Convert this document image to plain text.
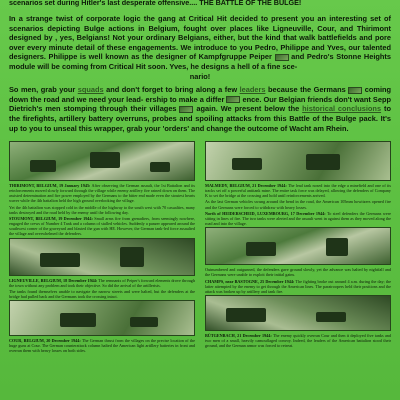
scenarios set during Hitler's last desperate offensive.... THE BATTLE OF THE BULGE!
In a strange twist of corporate logic the gang at Critical Hit decided to present you an interesting set of scenarios depicting Bulge actions in Belgium, fought over places like Ligneuville, Cour, and Thirimont designed by , yes, Belgians! Not your ordinary Belgians, either, but the kind that walk battlefields and pore over every minute detail of these engagements. We introduce to you Pedro, Philippe and Yves, our talented designers. Philippe is well known as the designer of Kampfgruppe Peiper	and Pedro's Stonne Heights module will be coming from Critical Hit soon. Yves, he designs a hell of a fine sce-
nario!
So men, grab your squads and don't forget to bring along a few leaders because the Germans	coming down the road and we need your lead- ership to make a differ ence. Our Belgian friends don't want Sepp Dietrich's men stomping through their villages	again. We present below the historical conclusions to the firefights, artillery battery overruns, probes and spoiling attacks from this Battle of the Bulge pack. It's up to you to unseal this wrapper, grab your 'orders' and change the outcome of Wacht am Rhein.

THIRIMONT, BELGIUM, 19 January 1945: After observing the German assault, the 1st Battalion and its reinforcements moved slowly forward through the village while enemy artillery fire rained down on them. The assisted determination and fire power employed by the Germans to the bitter end made even the stoutest hearts waver while the 4th battalion held the high ground overlooking the village.

Yet the 4th battalion was stopped cold in the middle of the highway to the south west with 70 casualties, many tanks destroyed and the road held by the enemy until the following day.

STOUMONT, BELGIUM, 19 December 1944: Small arms fire from grenadiers, from seemingly nowhere, engaged the crews of Number 4 Tank and a column of stalled vehicles. Suddenly a panzer appeared around the southwest corner of the graveyard and blasted the gun with HE. However, the German tank-led force assaulted the village and overwhelmed the defenders.

LIGNEUVILLE, BELGIUM, 18 December 1944: The remnants of Peiper's forward elements drove through the town without any problem and took their objective. So did the arrival of the artillerists.

The tanks found themselves unable to navigate the narrow streets and were halted, but the defenders at the bridge had pulled back and the Germans took the crossing intact.

COUR, BELGIUM, 20 December 1944: The German thrust from the villages on the precise location of the huge guns at Cour. The German counterattack column halted the American light artillery batteries in front and overran them with heavy losses on both sides.

MALMEDY, BELGIUM, 21 December 1944: The lead tank nosed into the edge a minefield and one of its tracks set off a powerful antitank mine. The entire task force was delayed, allowing the defenders of Company K to set the bridge at the crossing and hold until reinforcements arrived.

As the last German vehicles swung around the bend in the road, the American 105mm howitzers opened fire and the Germans were forced to withdraw with heavy losses.

North of HEIDERSCHEID, LUXEMBOURG, 17 December 1944: To steel defenders the Germans were sitting in lines of fire. The two tanks were alerted and the assault went in against them as they moved along the road and into the village.

Outnumbered and outgunned, the defenders gave ground slowly, yet the advance was halted by nightfall and the Germans were unable to exploit their initial gains.

CHAMPS, near BASTOGNE, 25 December 1944: The fighting broke out around 4 a.m. during the day; the latter attempted by the enemy to get through the American lines. The paratroopers held their positions and the attack was broken up by artillery and tank fire.

BÜTGENBACH, 21 December 1944: The enemy quickly overran Cour and then it deployed five tanks and two men of a small, heavily camouflaged convoy. Indeed, the leaders of the American battalion stood their ground, and the German armor was forced to retreat.
